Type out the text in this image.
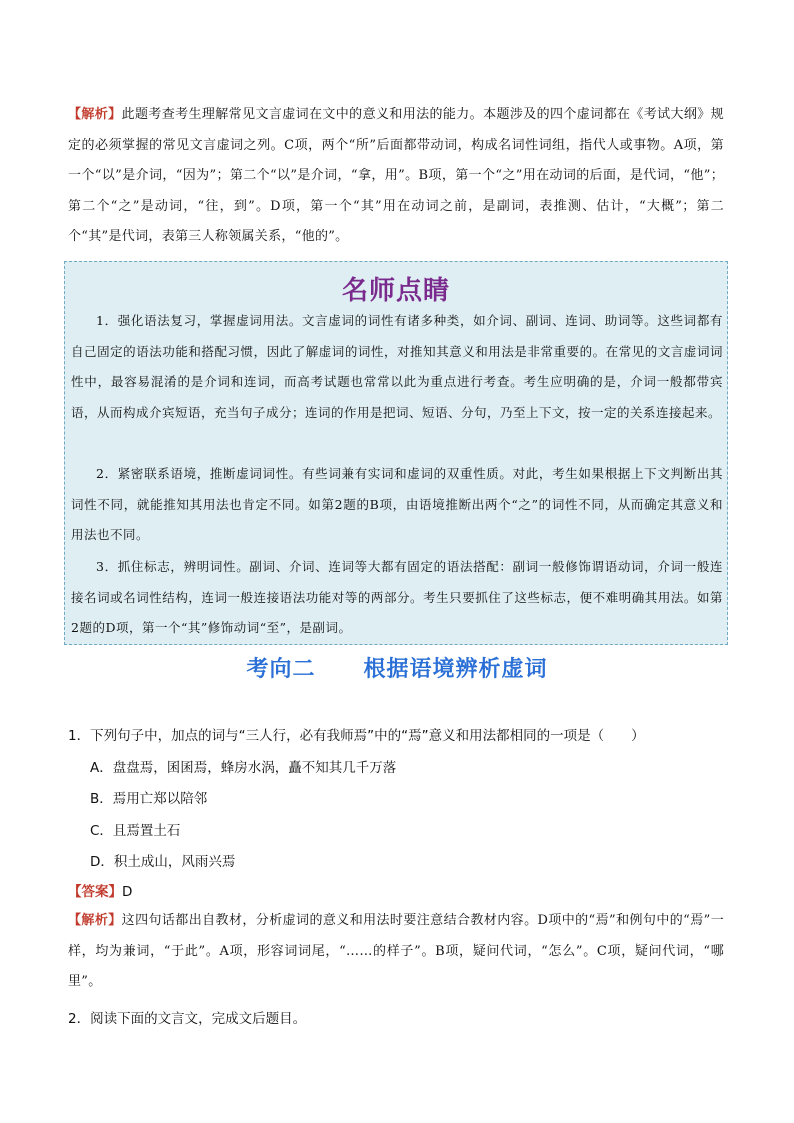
【解析】此题考查考生理解常见文言虚词在文中的意义和用法的能力。本题涉及的四个虚词都在《考试大纲》规定的必须掌握的常见文言虚词之列。C项，两个“所”后面都带动词，构成名词性词组，指代人或事物。A项，第一个“以”是介词，“因为”；第二个“以”是介词，“拿，用”。B项，第一个“之”用在动词的后面，是代词，“他”；第二个“之”是动词，“往，到”。D项，第一个“其”用在动词之前，是副词，表推测、估计，“大概”；第二个“其”是代词，表第三人称领属关系，“他的”。
名师点睛
1．强化语法复习，掌握虚词用法。文言虚词的词性有诸多种类，如介词、副词、连词、助词等。这些词都有自己固定的语法功能和搭配习惯，因此了解虚词的词性，对推知其意义和用法是非常重要的。在常见的文言虚词词性中，最容易混淆的是介词和连词，而高考试题也常常以此为重点进行考查。考生应明确的是，介词一般都带宾语，从而构成介宾短语，充当句子成分；连词的作用是把词、短语、分句，乃至上下文，按一定的关系连接起来。
2．紧密联系语境，推断虚词词性。有些词兼有实词和虚词的双重性质。对此，考生如果根据上下文判断出其词性不同，就能推知其用法也肯定不同。如第2题的B项，由语境推断出两个“之”的词性不同，从而确定其意义和用法也不同。
3．抓住标志，辨明词性。副词、介词、连词等大都有固定的语法搭配：副词一般修饰谓语动词，介词一般连接名词或名词性结构，连词一般连接语法功能对等的两部分。考生只要抓住了这些标志，便不难明确其用法。如第2题的D项，第一个“其”修饰动词“至”，是副词。
考向二 根据语境辨析虚词
1．下列句子中，加点的词与“三人行，必有我师焉”中的“焉”意义和用法都相同的一项是（　　）
A．盘盘焉，囷囷焉，蜂房水涡，矗不知其几千万落
B．焉用亡郑以陪邻
C．且焉置土石
D．积土成山，风雨兴焉
【答案】D
【解析】这四句话都出自教材，分析虚词的意义和用法时要注意结合教材内容。D项中的“焉”和例句中的“焉”一样，均为兼词，“于此”。A项，形容词词尾，“……的样子”。B项，疑问代词，“怎么”。C项，疑问代词，“哪里”。
2．阅读下面的文言文，完成文后题目。
